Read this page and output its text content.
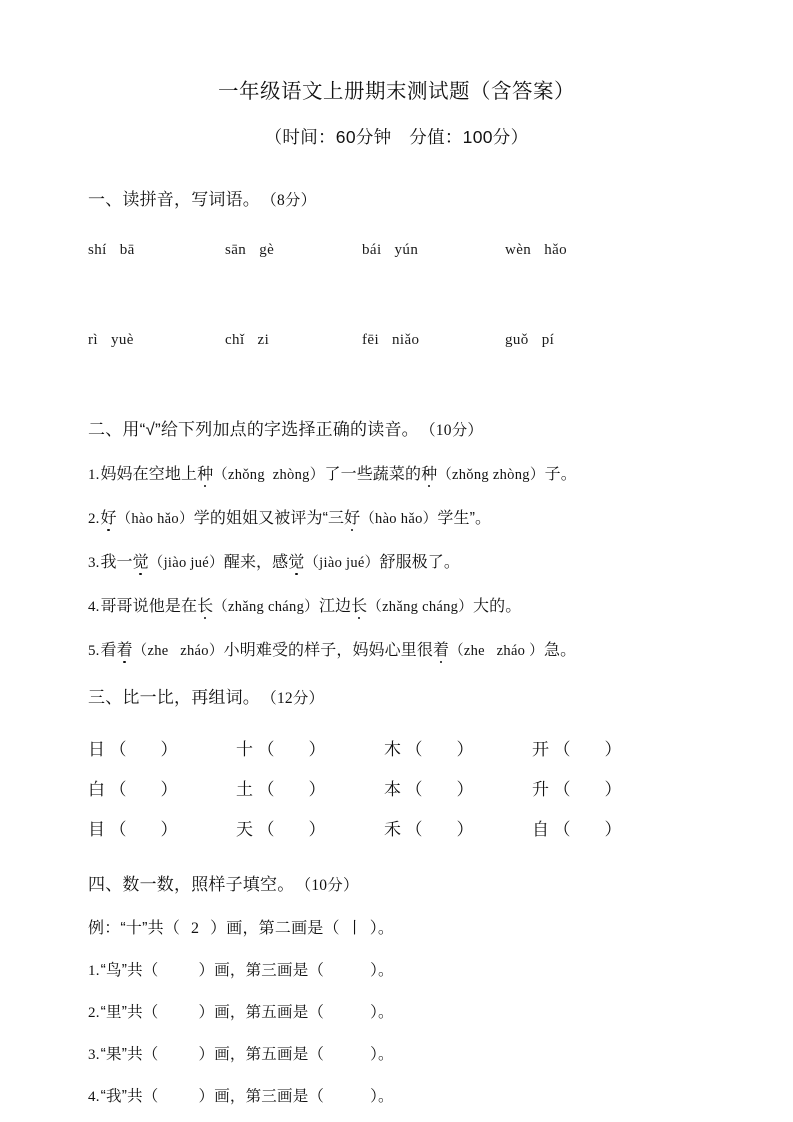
一年级语文上册期末测试题（含答案）

（时间：60分钟　分值：100分）

一、读拼音，写词语。 （8分）

shí bā	sān gè	bái yún	wèn hǎo
rì yuè	chǐ zi	fēi niǎo	guǒ pí

二、用“√”给下列加点的字选择正确的读音。 （10分）

1.妈妈在空地上种（zhǒng  zhòng）了一些蔬菜的种（zhǒng zhòng）子。

2.好（hào hǎo）学的姐姐又被评为“三好（hào hǎo）学生”。

3.我一觉（jiào jué）醒来，感觉（jiào jué）舒服极了。

4.哥哥说他是在长（zhǎng cháng）江边长（zhǎng cháng）大的。

5.看着（zhe   zháo）小明难受的样子，妈妈心里很着（zhe   zháo ）急。

三、比一比，再组词。 （12分）

日 （ ）	十 （ ）	木 （ ）	开 （ ）
白 （ ）	土 （ ）	本 （ ）	升 （ ）
目 （ ）	天 （ ）	禾 （ ）	自 （ ）

四、数一数，照样子填空。 （10分）

例：“十”共（ 2 ）画，第二画是（ 丨 ）。

1.“鸟”共（	）画，第三画是（	）。

2.“里”共（	）画，第五画是（	）。

3.“果”共（	）画，第五画是（	）。

4.“我”共（	）画，第三画是（	）。
